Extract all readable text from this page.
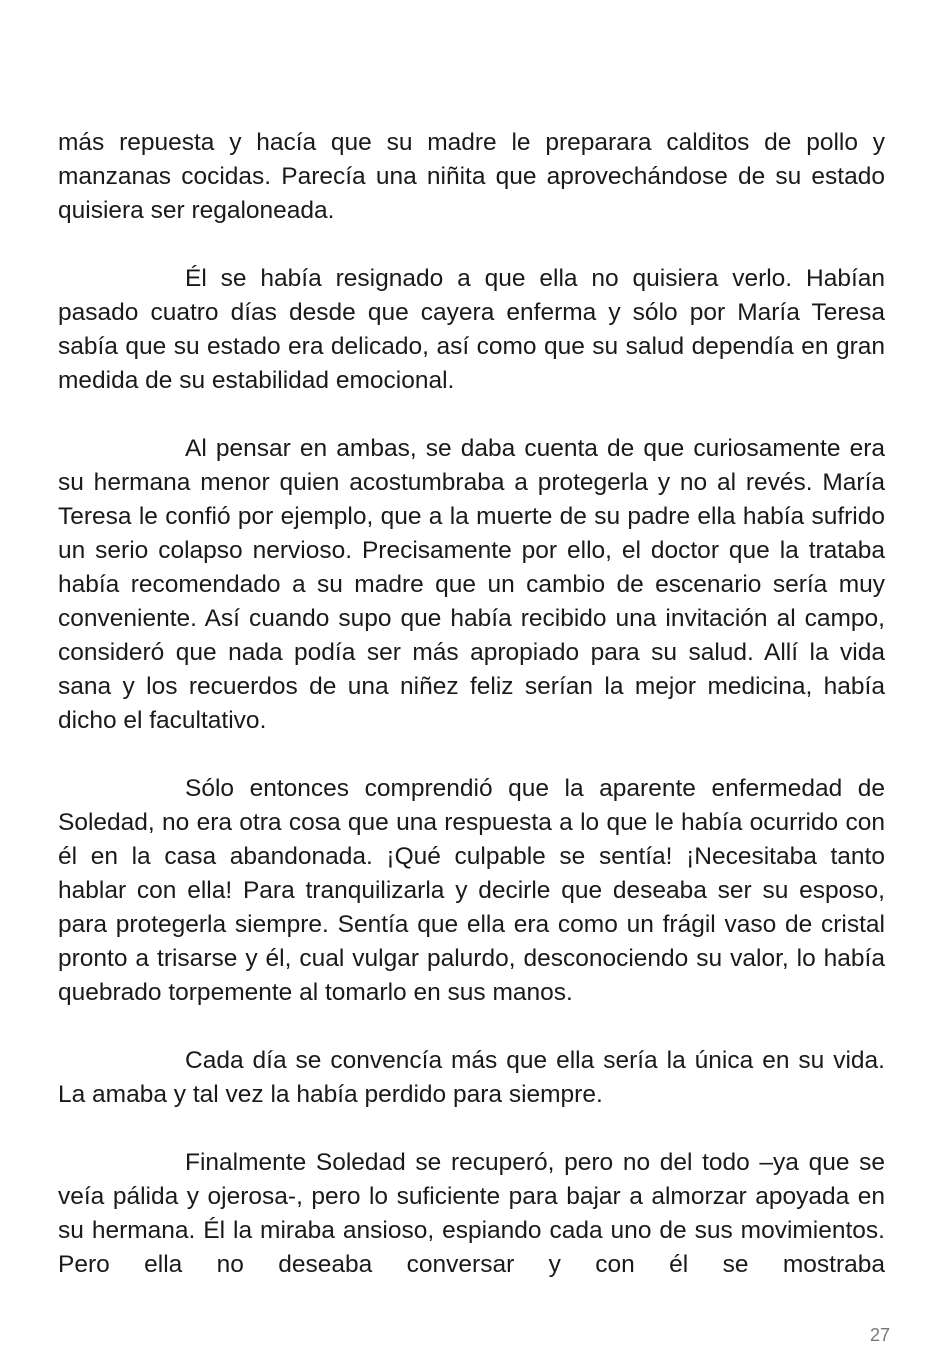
más repuesta y hacía que su madre le preparara calditos de pollo y manzanas cocidas. Parecía una niñita que aprovechándose de su estado quisiera ser regaloneada.

Él se había resignado a que ella no quisiera verlo. Habían pasado cuatro días desde que cayera enferma y sólo por María Teresa sabía que su estado era delicado, así como que su salud dependía en gran medida de su estabilidad emocional.

Al pensar en ambas, se daba cuenta de que curiosamente era su hermana menor quien acostumbraba a protegerla y no al revés. María Teresa le confió por ejemplo, que a la muerte de su padre ella había sufrido un serio colapso nervioso. Precisamente por ello, el doctor que la trataba había recomendado a su madre que un cambio de escenario sería muy conveniente. Así cuando supo que había recibido una invitación al campo, consideró que nada podía ser más apropiado para su salud. Allí la vida sana y los recuerdos de una niñez feliz serían la mejor medicina, había dicho el facultativo.

Sólo entonces comprendió que la aparente enfermedad de Soledad, no era otra cosa que una respuesta a lo que le había ocurrido con él en la casa abandonada. ¡Qué culpable se sentía! ¡Necesitaba tanto hablar con ella! Para tranquilizarla y decirle que deseaba ser su esposo, para protegerla siempre. Sentía que ella era como un frágil vaso de cristal pronto a trisarse y él, cual vulgar palurdo, desconociendo su valor, lo había quebrado torpemente al tomarlo en sus manos.

Cada día se convencía más que ella sería la única en su vida. La amaba y tal vez la había perdido para siempre.

Finalmente Soledad se recuperó, pero no del todo –ya que se veía pálida y ojerosa-, pero lo suficiente para bajar a almorzar apoyada en su hermana. Él la miraba ansioso, espiando cada uno de sus movimientos. Pero ella no deseaba conversar y con él se mostraba

27
